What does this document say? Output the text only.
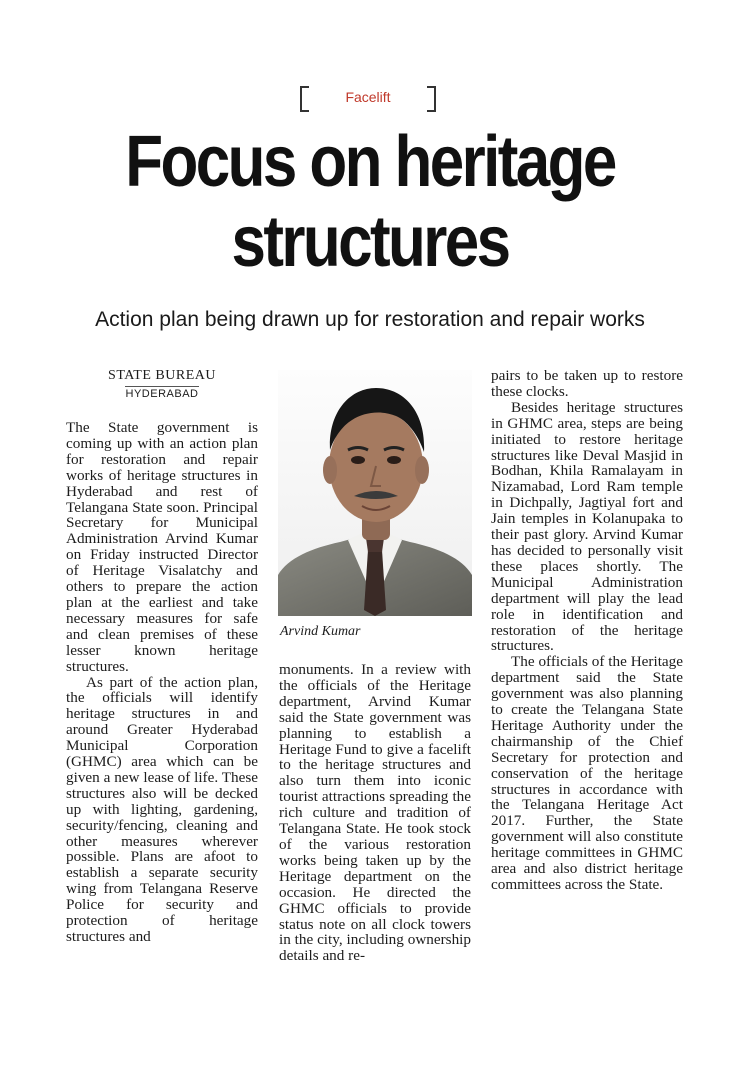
Facelift
Focus on heritage
structures
Action plan being drawn up for restoration and repair works
STATE BUREAU
HYDERABAD

The State government is coming up with an action plan for restoration and repair works of heritage structures in Hyderabad and rest of Telangana State soon. Principal Secretary for Municipal Administration Arvind Kumar on Friday instructed Director of Heritage Visalatchy and others to prepare the action plan at the earliest and take necessary measures for safe and clean premises of these lesser known heritage structures.

As part of the action plan, the officials will identify heritage structures in and around Greater Hyderabad Municipal Corporation (GHMC) area which can be given a new lease of life. These structures also will be decked up with lighting, gardening, security/fencing, cleaning and other measures wherever possible. Plans are afoot to establish a separate security wing from Telangana Reserve Police for security and protection of heritage structures and

Arvind Kumar

monuments. In a review with the officials of the Heritage department, Arvind Kumar said the State government was planning to establish a Heritage Fund to give a facelift to the heritage structures and also turn them into iconic tourist attractions spreading the rich culture and tradition of Telangana State. He took stock of the various restoration works being taken up by the Heritage department on the occasion. He directed the GHMC officials to provide status note on all clock towers in the city, including ownership details and re-

pairs to be taken up to restore these clocks.

Besides heritage structures in GHMC area, steps are being initiated to restore heritage structures like Deval Masjid in Bodhan, Khila Ramalayam in Nizamabad, Lord Ram temple in Dichpally, Jagtiyal fort and Jain temples in Kolanupaka to their past glory. Arvind Kumar has decided to personally visit these places shortly. The Municipal Administration department will play the lead role in identification and restoration of the heritage structures.

The officials of the Heritage department said the State government was also planning to create the Telangana State Heritage Authority under the chairmanship of the Chief Secretary for protection and conservation of the heritage structures in accordance with the Telangana Heritage Act 2017. Further, the State government will also constitute heritage committees in GHMC area and also district heritage committees across the State.
